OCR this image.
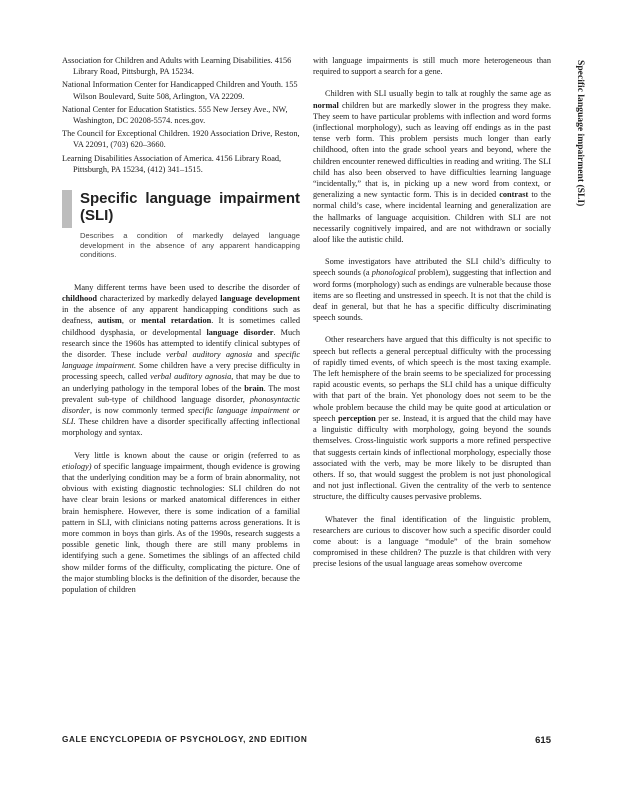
Association for Children and Adults with Learning Disabilities. 4156 Library Road, Pittsburgh, PA 15234.
National Information Center for Handicapped Children and Youth. 155 Wilson Boulevard, Suite 508, Arlington, VA 22209.
National Center for Education Statistics. 555 New Jersey Ave., NW, Washington, DC 20208-5574. nces.gov.
The Council for Exceptional Children. 1920 Association Drive, Reston, VA 22091, (703) 620–3660.
Learning Disabilities Association of America. 4156 Library Road, Pittsburgh, PA 15234, (412) 341–1515.
Specific language impairment (SLI)
Describes a condition of markedly delayed language development in the absence of any apparent handicapping conditions.

Many different terms have been used to describe the disorder of childhood characterized by markedly delayed language development in the absence of any apparent handicapping conditions such as deafness, autism, or mental retardation. It is sometimes called childhood dysphasia, or developmental language disorder. Much research since the 1960s has attempted to identify clinical subtypes of the disorder. These include verbal auditory agnosia and specific language impairment. Some children have a very precise difficulty in processing speech, called verbal auditory agnosia, that may be due to an underlying pathology in the temporal lobes of the brain. The most prevalent sub-type of childhood language disorder, phonosyntactic disorder, is now commonly termed specific language impairment or SLI. These children have a disorder specifically affecting inflectional morphology and syntax.

Very little is known about the cause or origin (referred to as etiology) of specific language impairment, though evidence is growing that the underlying condition may be a form of brain abnormality, not obvious with existing diagnostic technologies: SLI children do not have clear brain lesions or marked anatomical differences in either brain hemisphere. However, there is some indication of a familial pattern in SLI, with clinicians noting patterns across generations. It is more common in boys than girls. As of the 1990s, research suggests a possible genetic link, though there are still many problems in identifying such a gene. Sometimes the siblings of an affected child show milder forms of the difficulty, complicating the picture. One of the major stumbling blocks is the definition of the disorder, because the population of children

with language impairments is still much more heterogeneous than required to support a search for a gene.

Children with SLI usually begin to talk at roughly the same age as normal children but are markedly slower in the progress they make. They seem to have particular problems with inflection and word forms (inflectional morphology), such as leaving off endings as in the past tense verb form. This problem persists much longer than early childhood, often into the grade school years and beyond, where the children encounter renewed difficulties in reading and writing. The SLI child has also been observed to have difficulties learning language “incidentally,” that is, in picking up a new word from context, or generalizing a new syntactic form. This is in decided contrast to the normal child’s case, where incidental learning and generalization are the hallmarks of language acquisition. Children with SLI are not necessarily cognitively impaired, and are not withdrawn or socially aloof like the autistic child.

Some investigators have attributed the SLI child’s difficulty to speech sounds (a phonological problem), suggesting that inflection and word forms (morphology) such as endings are vulnerable because those items are so fleeting and unstressed in speech. It is not that the child is deaf in general, but that he has a specific difficulty discriminating speech sounds.

Other researchers have argued that this difficulty is not specific to speech but reflects a general perceptual difficulty with the processing of rapidly timed events, of which speech is the most taxing example. The left hemisphere of the brain seems to be specialized for processing rapid acoustic events, so perhaps the SLI child has a unique difficulty with that part of the brain. Yet phonology does not seem to be the whole problem because the child may be quite good at articulation or speech perception per se. Instead, it is argued that the child may have a linguistic difficulty with morphology, going beyond the sounds themselves. Cross-linguistic work supports a more refined perspective that suggests certain kinds of inflectional morphology, especially those associated with the verb, may be more likely to be disrupted than others. If so, that would suggest the problem is not just phonological and not just inflectional. Given the centrality of the verb to sentence structure, the difficulty causes pervasive problems.

Whatever the final identification of the linguistic problem, researchers are curious to discover how such a specific disorder could come about: is a language “module” of the brain somehow compromised in these children? The puzzle is that children with very precise lesions of the usual language areas somehow overcome

Specific language impairment (SLI)
GALE ENCYCLOPEDIA OF PSYCHOLOGY, 2ND EDITION	615
